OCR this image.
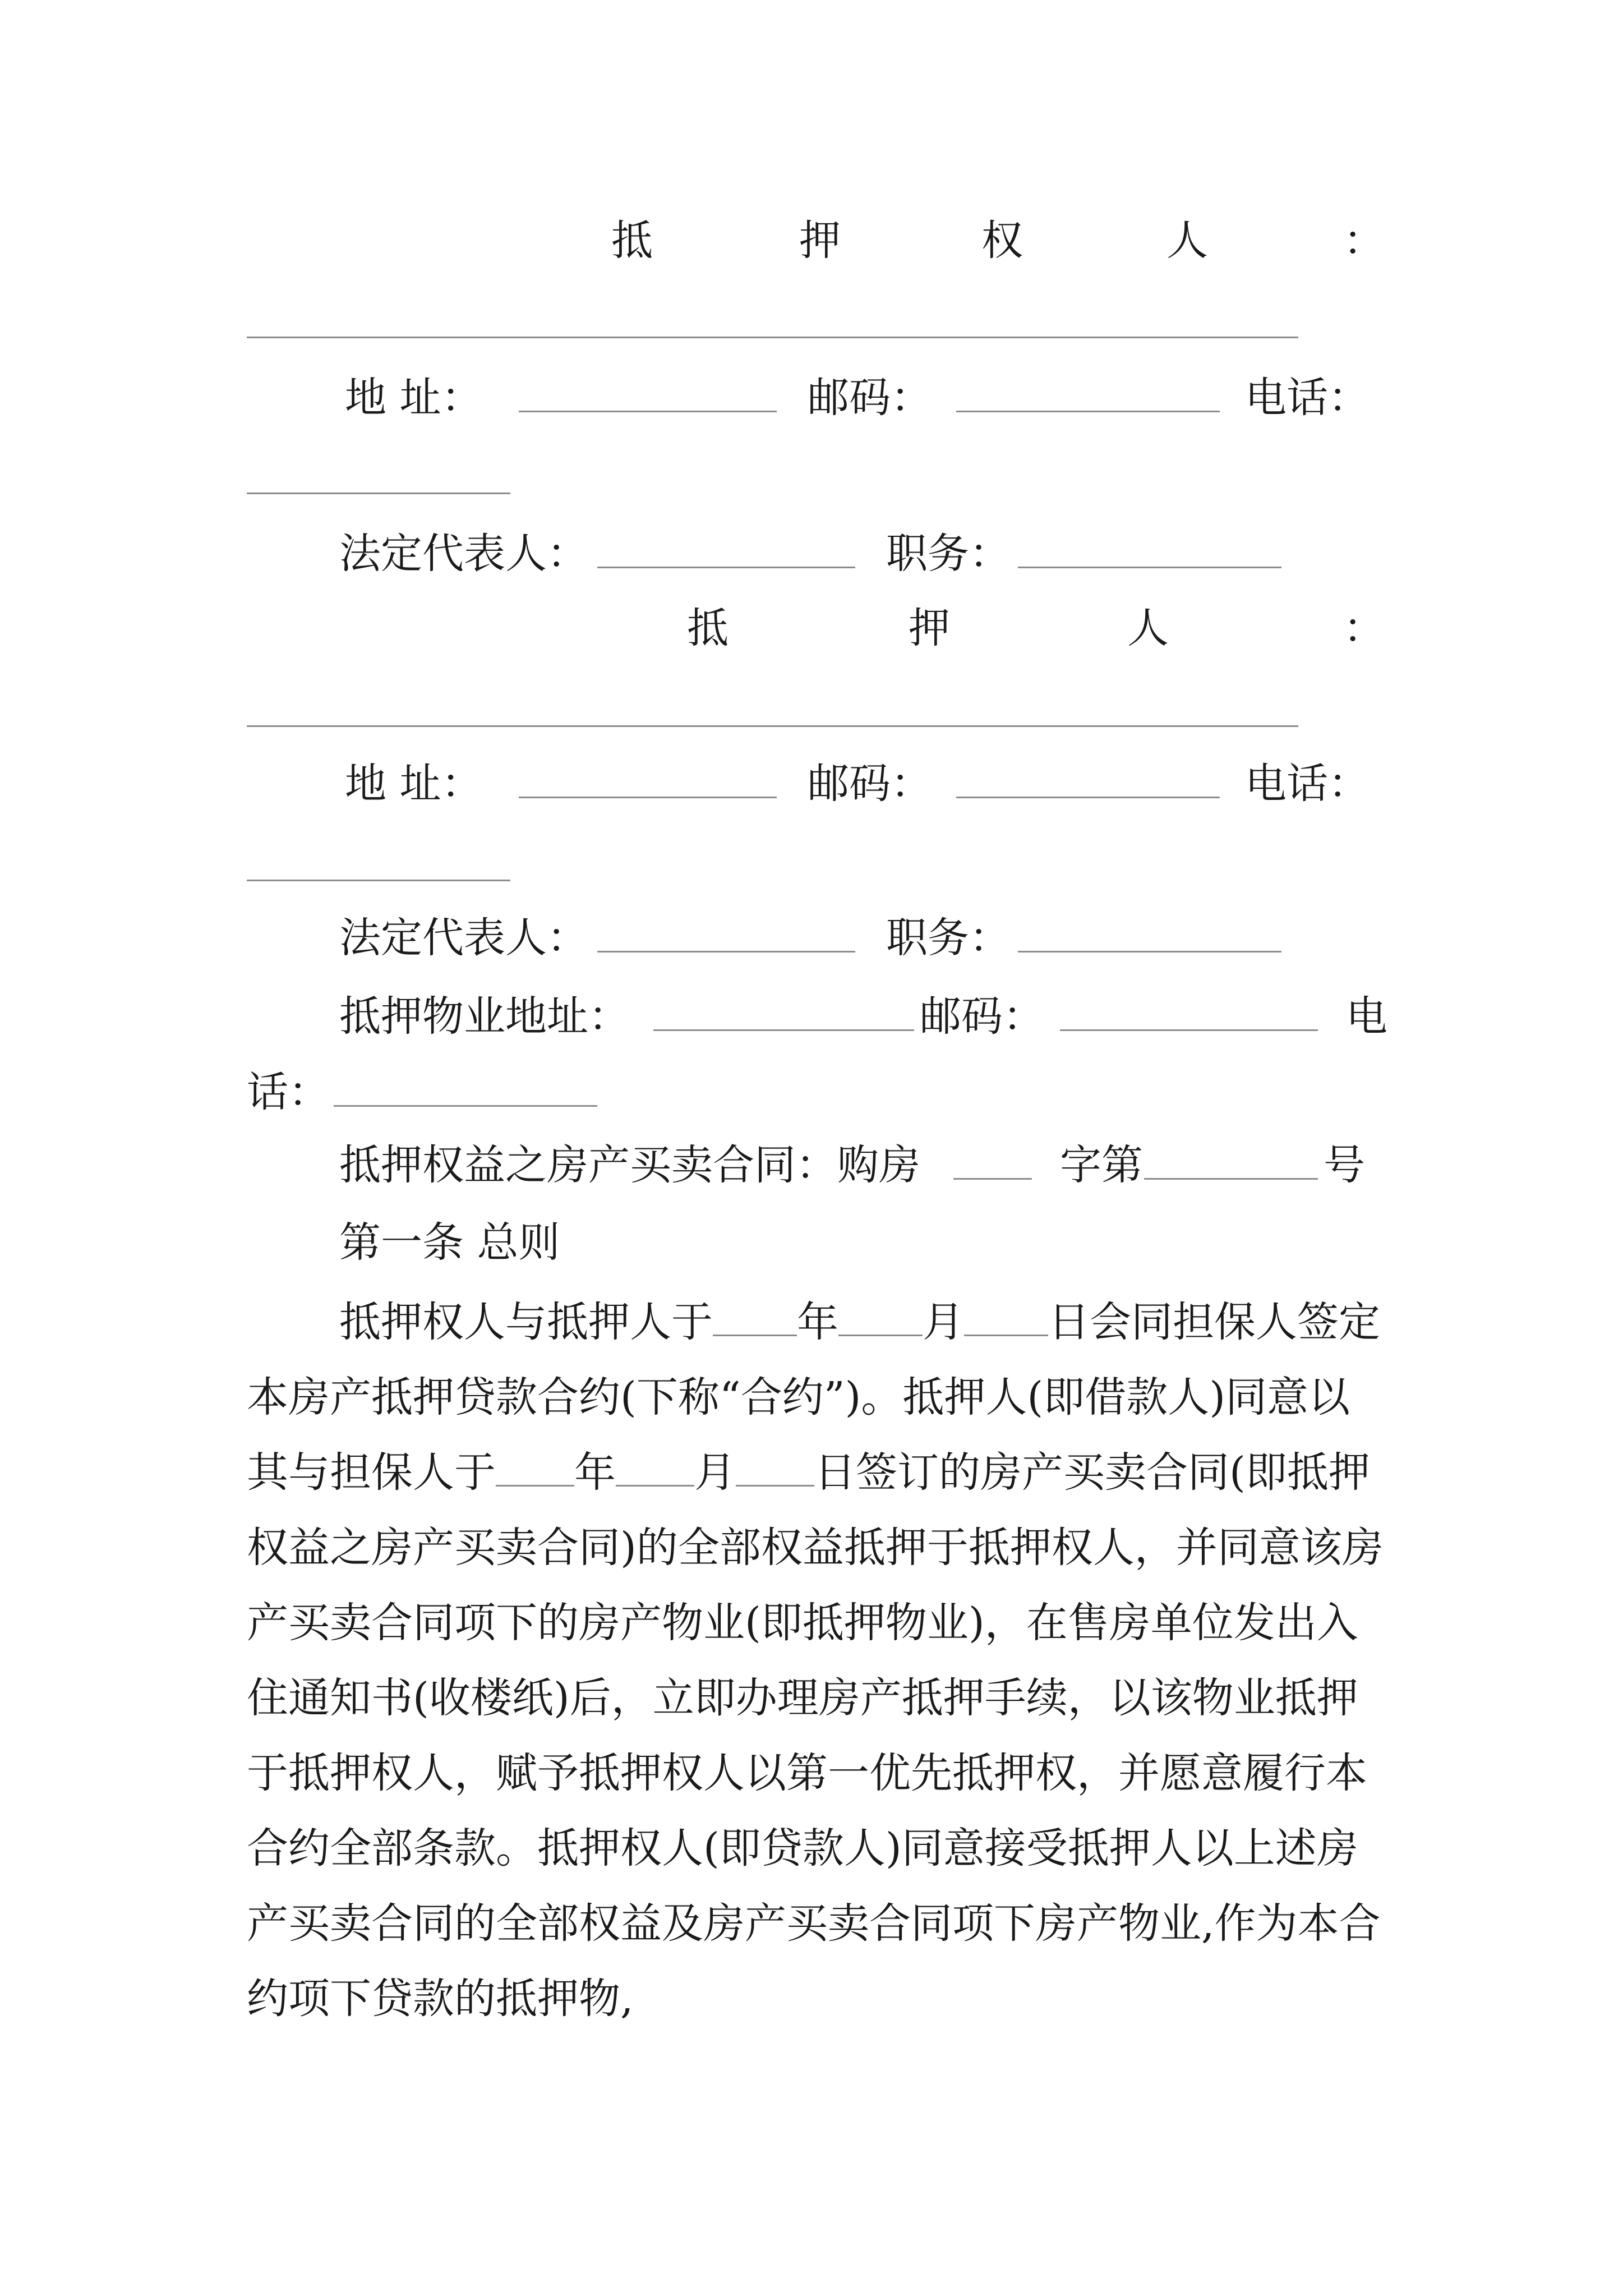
抵	押	权	人	：
地 址：	邮码：	电话：
法定代表人：	职务：
抵	押	人	：
地 址：	邮码：	电话：
法定代表人：	职务：
抵押物业地址：	邮码：	电
话：
抵押权益之房产买卖合同：购房	字第	号
第一条 总则

抵押权人与抵押人于 年 月 日会同担保人签定本房产抵押贷款合约(下称“合约”)。抵押人(即借款人)同意以其与担保人于 年 月 日签订的房产买卖合同(即抵押权益之房产买卖合同)的全部权益抵押于抵押权人，并同意该房产买卖合同项下的房产物业(即抵押物业)，在售房单位发出入住通知书(收楼纸)后，立即办理房产抵押手续，以该物业抵押于抵押权人，赋予抵押权人以第一优先抵押权，并愿意履行本合约全部条款。抵押权人(即贷款人)同意接受抵押人以上述房产买卖合同的全部权益及房产买卖合同项下房产物业,作为本合约项下贷款的抵押物,
